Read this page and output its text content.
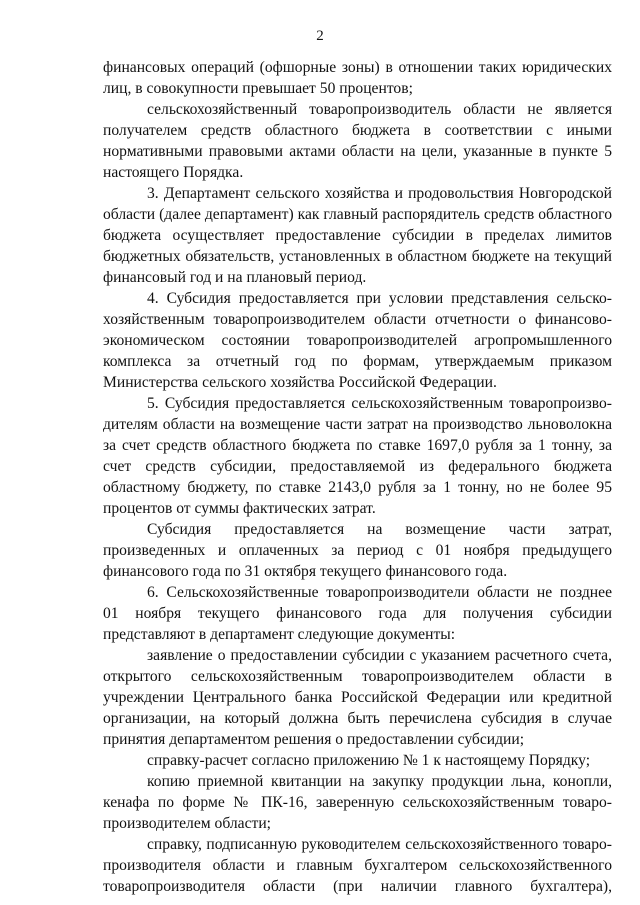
2

финансовых операций (офшорные зоны) в отношении таких юридических лиц, в совокупности превышает 50 процентов;

сельскохозяйственный товаропроизводитель области не является получателем средств областного бюджета в соответствии с иными нормативными правовыми актами области на цели, указанные в пункте 5 настоящего Порядка.

3. Департамент сельского хозяйства и продовольствия Новгородской области (далее департамент) как главный распорядитель средств областного бюджета осуществляет предоставление субсидии в пределах лимитов бюджетных обязательств, установленных в областном бюджете на текущий финансовый год и на плановый период.

4. Субсидия предоставляется при условии представления сельско-хозяйственным товаропроизводителем области отчетности о финансово-экономическом состоянии товаропроизводителей агропромышленного комплекса за отчетный год по формам, утверждаемым приказом Министерства сельского хозяйства Российской Федерации.

5. Субсидия предоставляется сельскохозяйственным товаропроизво-дителям области на возмещение части затрат на производство льноволокна за счет средств областного бюджета по ставке 1697,0 рубля за 1 тонну, за счет средств субсидии, предоставляемой из федерального бюджета областному бюджету, по ставке 2143,0 рубля за 1 тонну, но не более 95 процентов от суммы фактических затрат.

Субсидия предоставляется на возмещение части затрат, произведенных и оплаченных за период с 01 ноября предыдущего финансового года по 31 октября текущего финансового года.

6. Сельскохозяйственные товаропроизводители области не позднее 01 ноября текущего финансового года для получения субсидии представляют в департамент следующие документы:

заявление о предоставлении субсидии с указанием расчетного счета, открытого сельскохозяйственным товаропроизводителем области в учреждении Центрального банка Российской Федерации или кредитной организации, на который должна быть перечислена субсидия в случае принятия департаментом решения о предоставлении субсидии;

справку-расчет согласно приложению № 1 к настоящему Порядку;

копию приемной квитанции на закупку продукции льна, конопли, кенафа по форме № ПК-16, заверенную сельскохозяйственным товаро-производителем области;

справку, подписанную руководителем сельскохозяйственного товаро-производителя области и главным бухгалтером сельскохозяйственного товаропроизводителя области (при наличии главного бухгалтера),
